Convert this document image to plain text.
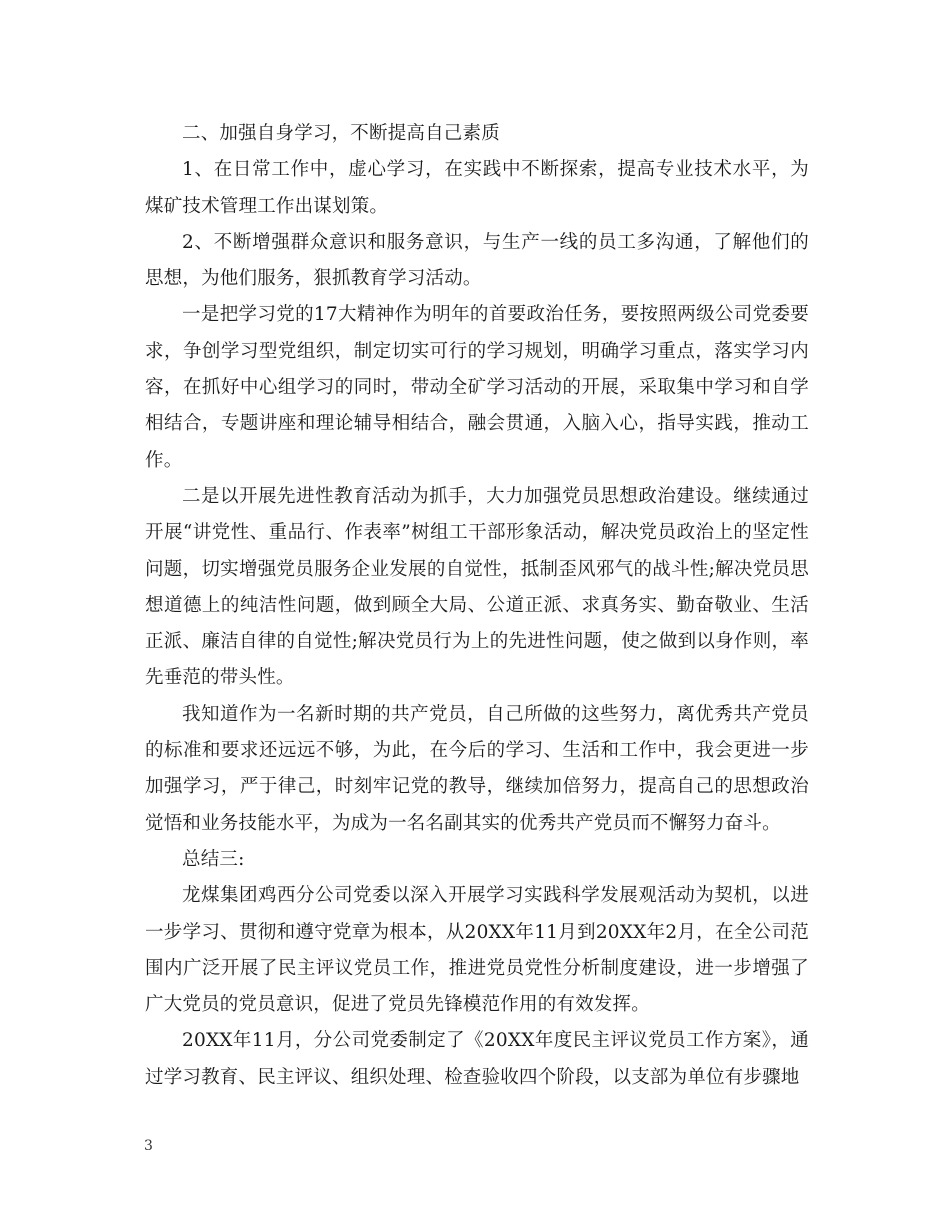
二、加强自身学习，不断提高自己素质

1、在日常工作中，虚心学习，在实践中不断探索，提高专业技术水平，为煤矿技术管理工作出谋划策。

2、不断增强群众意识和服务意识，与生产一线的员工多沟通，了解他们的思想，为他们服务，狠抓教育学习活动。

一是把学习党的17大精神作为明年的首要政治任务，要按照两级公司党委要求，争创学习型党组织，制定切实可行的学习规划，明确学习重点，落实学习内容，在抓好中心组学习的同时，带动全矿学习活动的开展，采取集中学习和自学相结合，专题讲座和理论辅导相结合，融会贯通，入脑入心，指导实践，推动工作。

二是以开展先进性教育活动为抓手，大力加强党员思想政治建设。继续通过开展“讲党性、重品行、作表率”树组工干部形象活动，解决党员政治上的坚定性问题，切实增强党员服务企业发展的自觉性，抵制歪风邪气的战斗性;解决党员思想道德上的纯洁性问题，做到顾全大局、公道正派、求真务实、勤奋敬业、生活正派、廉洁自律的自觉性;解决党员行为上的先进性问题，使之做到以身作则，率先垂范的带头性。

我知道作为一名新时期的共产党员，自己所做的这些努力，离优秀共产党员的标准和要求还远远不够，为此，在今后的学习、生活和工作中，我会更进一步加强学习，严于律己，时刻牢记党的教导，继续加倍努力，提高自己的思想政治觉悟和业务技能水平，为成为一名名副其实的优秀共产党员而不懈努力奋斗。

总结三:

龙煤集团鸡西分公司党委以深入开展学习实践科学发展观活动为契机，以进一步学习、贯彻和遵守党章为根本，从20XX年11月到20XX年2月，在全公司范围内广泛开展了民主评议党员工作，推进党员党性分析制度建设，进一步增强了广大党员的党员意识，促进了党员先锋模范作用的有效发挥。

20XX年11月，分公司党委制定了《20XX年度民主评议党员工作方案》，通过学习教育、民主评议、组织处理、检查验收四个阶段，以支部为单位有步骤地

3
